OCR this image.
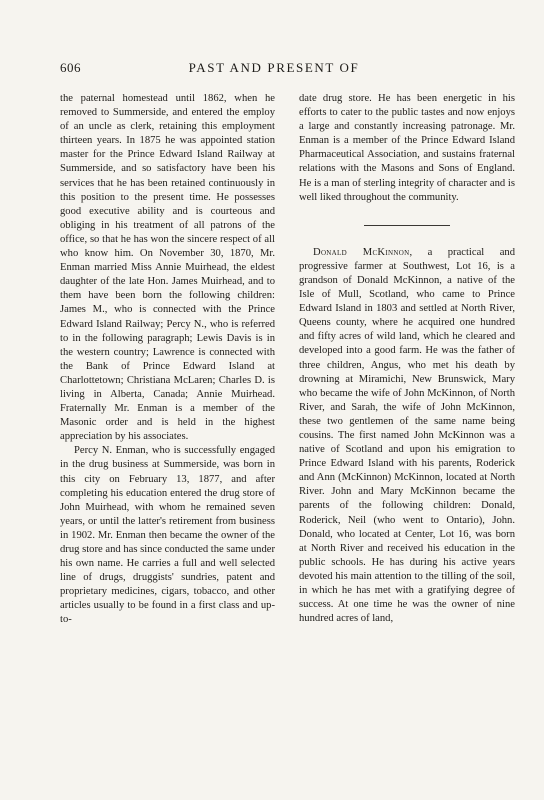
606	PAST AND PRESENT OF

the paternal homestead until 1862, when he removed to Summerside, and entered the employ of an uncle as clerk, retaining this employment thirteen years. In 1875 he was appointed station master for the Prince Edward Island Railway at Summerside, and so satisfactory have been his services that he has been retained continuously in this position to the present time. He possesses good executive ability and is courteous and obliging in his treatment of all patrons of the office, so that he has won the sincere respect of all who know him. On November 30, 1870, Mr. Enman married Miss Annie Muirhead, the eldest daughter of the late Hon. James Muirhead, and to them have been born the following children: James M., who is connected with the Prince Edward Island Railway; Percy N., who is referred to in the following paragraph; Lewis Davis is in the western country; Lawrence is connected with the Bank of Prince Edward Island at Charlottetown; Christiana McLaren; Charles D. is living in Alberta, Canada; Annie Muirhead. Fraternally Mr. Enman is a member of the Masonic order and is held in the highest appreciation by his associates.

Percy N. Enman, who is successfully engaged in the drug business at Summerside, was born in this city on February 13, 1877, and after completing his education entered the drug store of John Muirhead, with whom he remained seven years, or until the latter's retirement from business in 1902. Mr. Enman then became the owner of the drug store and has since conducted the same under his own name. He carries a full and well selected line of drugs, druggists' sundries, patent and proprietary medicines, cigars, tobacco, and other articles usually to be found in a first class and up-to-

date drug store. He has been energetic in his efforts to cater to the public tastes and now enjoys a large and constantly increasing patronage. Mr. Enman is a member of the Prince Edward Island Pharmaceutical Association, and sustains fraternal relations with the Masons and Sons of England. He is a man of sterling integrity of character and is well liked throughout the community.

Donald McKinnon, a practical and progressive farmer at Southwest, Lot 16, is a grandson of Donald McKinnon, a native of the Isle of Mull, Scotland, who came to Prince Edward Island in 1803 and settled at North River, Queens county, where he acquired one hundred and fifty acres of wild land, which he cleared and developed into a good farm. He was the father of three children, Angus, who met his death by drowning at Miramichi, New Brunswick, Mary who became the wife of John McKinnon, of North River, and Sarah, the wife of John McKinnon, these two gentlemen of the same name being cousins. The first named John McKinnon was a native of Scotland and upon his emigration to Prince Edward Island with his parents, Roderick and Ann (McKinnon) McKinnon, located at North River. John and Mary McKinnon became the parents of the following children: Donald, Roderick, Neil (who went to Ontario), John. Donald, who located at Center, Lot 16, was born at North River and received his education in the public schools. He has during his active years devoted his main attention to the tilling of the soil, in which he has met with a gratifying degree of success. At one time he was the owner of nine hundred acres of land,
